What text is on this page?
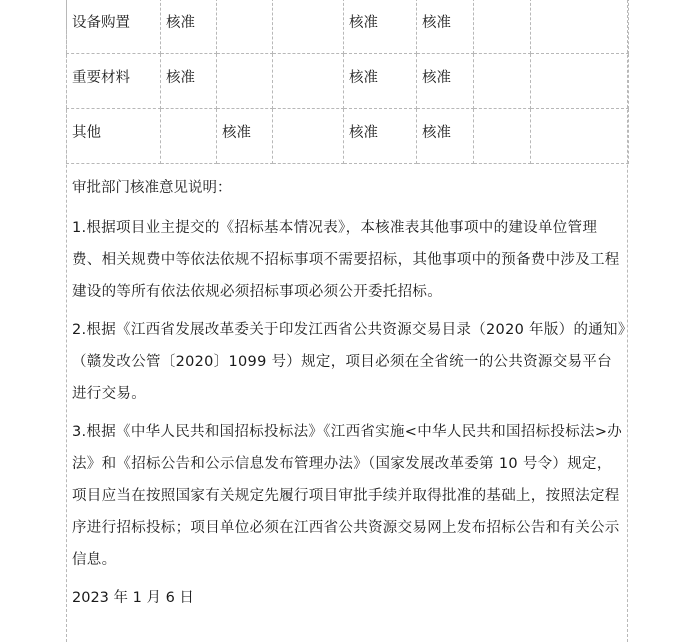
设备购置	核准			核准	核准		
重要材料	核准			核准	核准		
其他		核准		核准	核准		

审批部门核准意见说明：

1.根据项目业主提交的《招标基本情况表》，本核准表其他事项中的建设单位管理费、相关规费中等依法依规不招标事项不需要招标，其他事项中的预备费中涉及工程建设的等所有依法依规必须招标事项必须公开委托招标。

2.根据《江西省发展改革委关于印发江西省公共资源交易目录（2020 年版）的通知》（赣发改公管〔2020〕1099 号）规定，项目必须在全省统一的公共资源交易平台进行交易。

3.根据《中华人民共和国招标投标法》《江西省实施<中华人民共和国招标投标法>办法》和《招标公告和公示信息发布管理办法》（国家发展改革委第 10 号令）规定，项目应当在按照国家有关规定先履行项目审批手续并取得批准的基础上，按照法定程序进行招标投标；项目单位必须在江西省公共资源交易网上发布招标公告和有关公示信息。

2023 年 1 月 6 日
